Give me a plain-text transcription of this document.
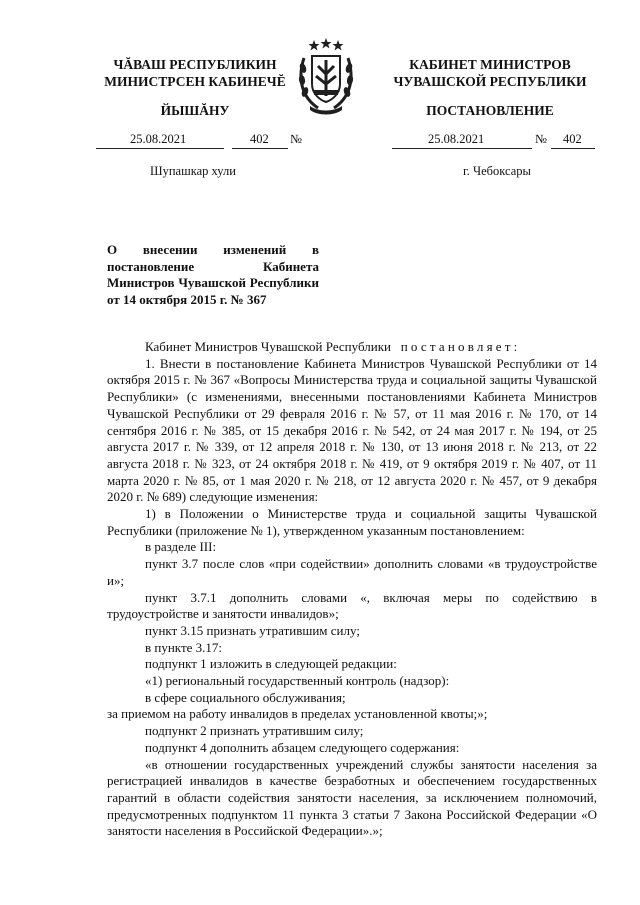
ЧĂВАШ РЕСПУБЛИКИН
МИНИСТРСЕН КАБИНЕЧĔ
ЙЫШĂНУ
КАБИНЕТ МИНИСТРОВ
ЧУВАШСКОЙ РЕСПУБЛИКИ
ПОСТАНОВЛЕНИЕ
25.08.2021	402 №	25.08.2021	№ 402
Шупашкар хули	г. Чебоксары
О внесении изменений в постановление Кабинета Министров Чувашской Республики от 14 октября 2015 г. № 367

Кабинет Министров Чувашской Республики постановляет:

1. Внести в постановление Кабинета Министров Чувашской Республики от 14 октября 2015 г. № 367 «Вопросы Министерства труда и социальной защиты Чувашской Республики» (с изменениями, внесенными постановлениями Кабинета Министров Чувашской Республики от 29 февраля 2016 г. № 57, от 11 мая 2016 г. № 170, от 14 сентября 2016 г. № 385, от 15 декабря 2016 г. № 542, от 24 мая 2017 г. № 194, от 25 августа 2017 г. № 339, от 12 апреля 2018 г. № 130, от 13 июня 2018 г. № 213, от 22 августа 2018 г. № 323, от 24 октября 2018 г. № 419, от 9 октября 2019 г. № 407, от 11 марта 2020 г. № 85, от 1 мая 2020 г. № 218, от 12 августа 2020 г. № 457, от 9 декабря 2020 г. № 689) следующие изменения:

1) в Положении о Министерстве труда и социальной защиты Чувашской Республики (приложение № 1), утвержденном указанным постановлением:

в разделе III:

пункт 3.7 после слов «при содействии» дополнить словами «в трудоустройстве и»;

пункт 3.7.1 дополнить словами «, включая меры по содействию в трудоустройстве и занятости инвалидов»;

пункт 3.15 признать утратившим силу;

в пункте 3.17:

подпункт 1 изложить в следующей редакции:

«1) региональный государственный контроль (надзор):

в сфере социального обслуживания;

за приемом на работу инвалидов в пределах установленной квоты;»;

подпункт 2 признать утратившим силу;

подпункт 4 дополнить абзацем следующего содержания:

«в отношении государственных учреждений службы занятости населения за регистрацией инвалидов в качестве безработных и обеспечением государственных гарантий в области содействия занятости населения, за исключением полномочий, предусмотренных подпунктом 11 пункта 3 статьи 7 Закона Российской Федерации «О занятости населения в Российской Федерации».»;
